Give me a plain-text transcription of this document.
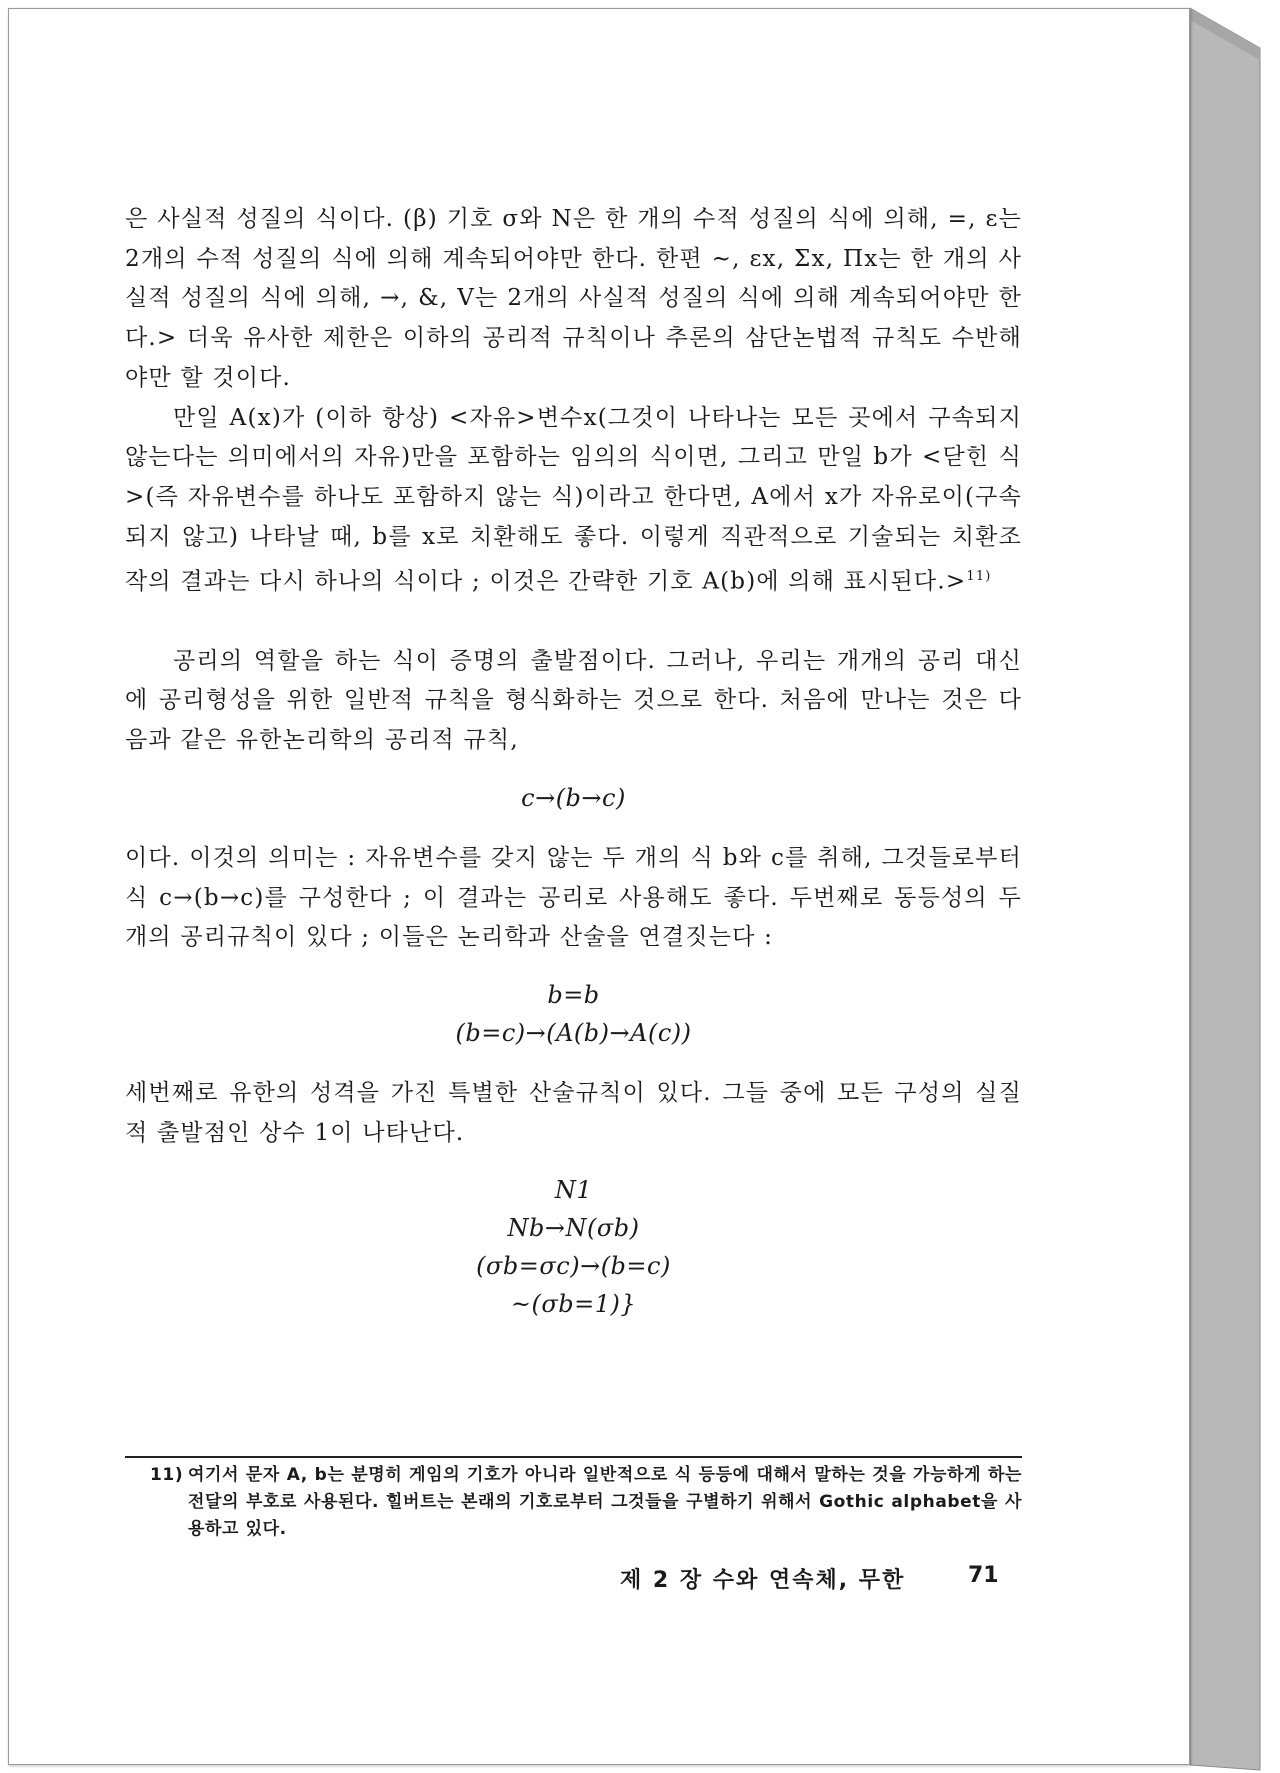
은 사실적 성질의 식이다. (β) 기호 σ와 N은 한 개의 수적 성질의 식에 의해, =, ε는 2개의 수적 성질의 식에 의해 계속되어야만 한다. 한편 ~, εx, Σx, Πx는 한 개의 사실적 성질의 식에 의해, →, &, V는 2개의 사실적 성질의 식에 의해 계속되어야만 한다.> 더욱 유사한 제한은 이하의 공리적 규칙이나 추론의 삼단논법적 규칙도 수반해야만 할 것이다.

만일 A(x)가 (이하 항상) <자유>변수x(그것이 나타나는 모든 곳에서 구속되지 않는다는 의미에서의 자유)만을 포함하는 임의의 식이면, 그리고 만일 b가 <닫힌 식>(즉 자유변수를 하나도 포함하지 않는 식)이라고 한다면, A에서 x가 자유로이(구속되지 않고) 나타날 때, b를 x로 치환해도 좋다. 이렇게 직관적으로 기술되는 치환조작의 결과는 다시 하나의 식이다 ; 이것은 간략한 기호 A(b)에 의해 표시된다.>$^{11)}$

공리의 역할을 하는 식이 증명의 출발점이다. 그러나, 우리는 개개의 공리 대신에 공리형성을 위한 일반적 규칙을 형식화하는 것으로 한다. 처음에 만나는 것은 다음과 같은 유한논리학의 공리적 규칙,

c→(b→c)

이다. 이것의 의미는 : 자유변수를 갖지 않는 두 개의 식 b와 c를 취해, 그것들로부터 식 c→(b→c)를 구성한다 ; 이 결과는 공리로 사용해도 좋다. 두번째로 동등성의 두 개의 공리규칙이 있다 ; 이들은 논리학과 산술을 연결짓는다 :

b=b
(b=c)→(A(b)→A(c))

세번째로 유한의 성격을 가진 특별한 산술규칙이 있다. 그들 중에 모든 구성의 실질적 출발점인 상수 1이 나타난다.

N1
Nb→N(σb)
(σb=σc)→(b=c)
~(σb=1)}
11) 여기서 문자 A, b는 분명히 게임의 기호가 아니라 일반적으로 식 등등에 대해서 말하는 것을 가능하게 하는 전달의 부호로 사용된다. 힐버트는 본래의 기호로부터 그것들을 구별하기 위해서 Gothic alphabet을 사용하고 있다.
제 2 장 수와 연속체, 무한	71
